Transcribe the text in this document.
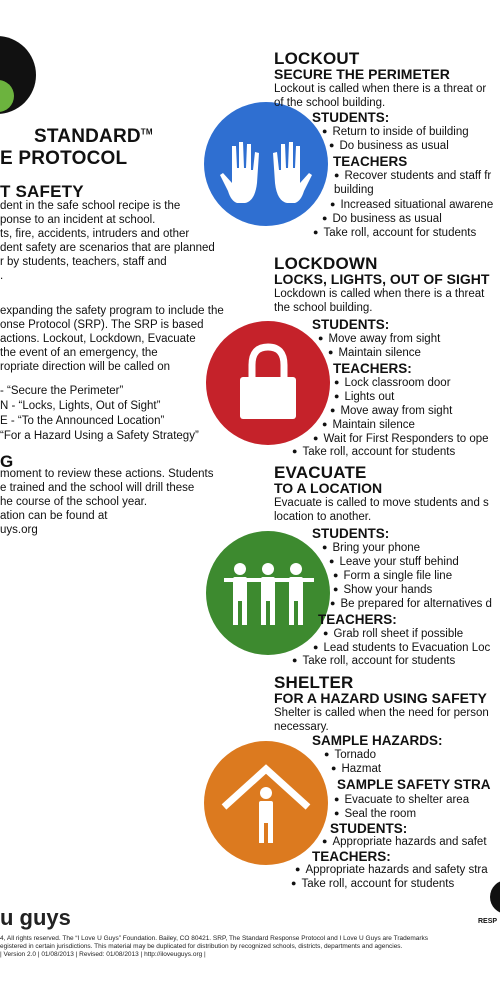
STANDARD™
E PROTOCOL
T SAFETY
dent in the safe school recipe is the
ponse to an incident at school.
ts, fire, accidents, intruders and other
dent safety are scenarios that are planned
r by students, teachers, staff and
.
expanding the safety program to include the
onse Protocol (SRP). The SRP is based
actions. Lockout, Lockdown, Evacuate
the event of an emergency, the
ropriate direction will be called on
- “Secure the Perimeter”
N - “Locks, Lights, Out of Sight”
E - “To the Announced Location”
“For a Hazard Using a Safety Strategy”
G
moment to review these actions. Students
e trained and the school will drill these
he course of the school year.
ation can be found at
uys.org
LOCKOUT
SECURE THE PERIMETER
Lockout is called when there is a threat or
of the school building.
STUDENTS:
● Return to inside of building
● Do business as usual
TEACHERS
● Recover students and staff fr
building
● Increased situational awarene
● Do business as usual
● Take roll, account for students
LOCKDOWN
LOCKS, LIGHTS, OUT OF SIGHT
Lockdown is called when there is a threat
the school building.
STUDENTS:
● Move away from sight
● Maintain silence
TEACHERS:
● Lock classroom door
● Lights out
● Move away from sight
● Maintain silence
● Wait for First Responders to ope
● Take roll, account for students
EVACUATE
TO A LOCATION
Evacuate is called to move students and s
location to another.
STUDENTS:
● Bring your phone
● Leave your stuff behind
● Form a single file line
● Show your hands
● Be prepared for alternatives d
TEACHERS:
● Grab roll sheet if possible
● Lead students to Evacuation Loc
● Take roll, account for students
SHELTER
FOR A HAZARD USING SAFETY
Shelter is called when the need for person
necessary.
SAMPLE HAZARDS:
● Tornado
● Hazmat
SAMPLE SAFETY STRA
● Evacuate to shelter area
● Seal the room
STUDENTS:
● Appropriate hazards and safet
TEACHERS:
● Appropriate hazards and safety stra
● Take roll, account for students
u guys	RESP
4, All rights reserved. The “I Love U Guys” Foundation. Bailey, CO 80421. SRP, The Standard Response Protocol and I Love U Guys are Trademarks
egistered in certain jurisdictions. This material may be duplicated for distribution by recognized schools, districts, departments and agencies.
| Version 2.0 | 01/08/2013 | Revised: 01/08/2013 | http://iloveuguys.org |
